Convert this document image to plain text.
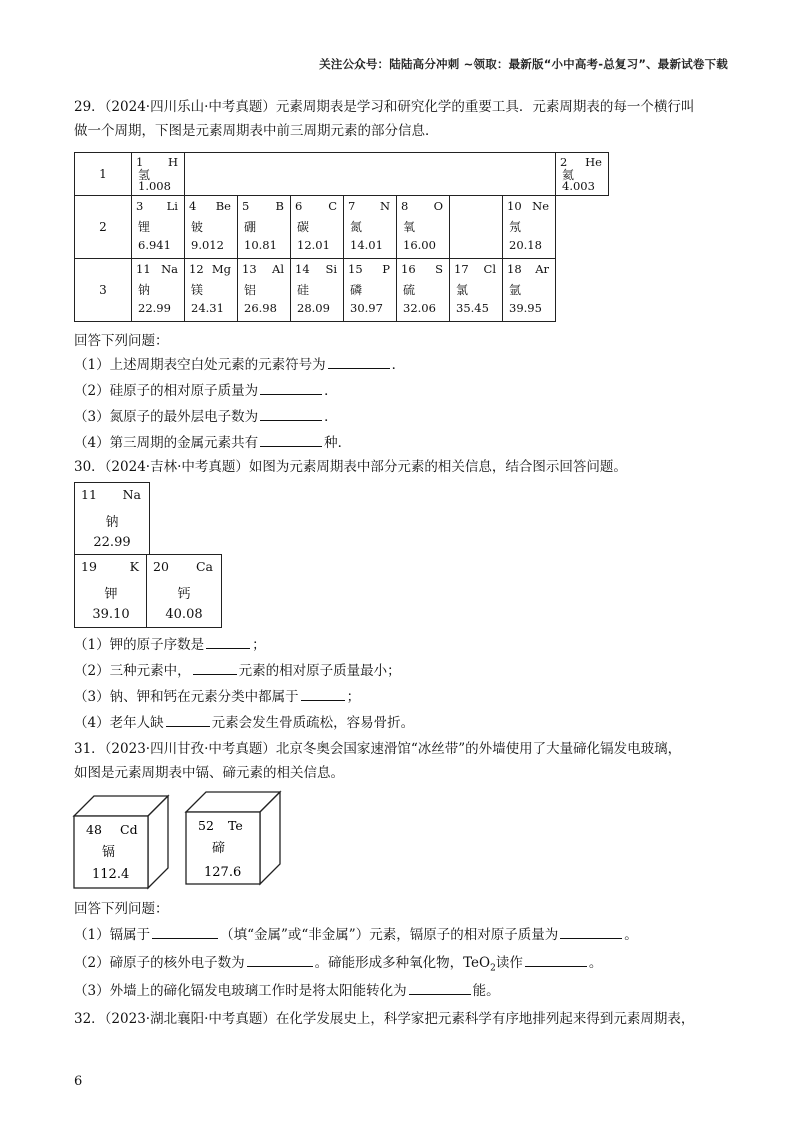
关注公众号：陆陆高分冲刺 ~领取：最新版“小中高考-总复习”、最新试卷下载
29．（2024·四川乐山·中考真题）元素周期表是学习和研究化学的重要工具．元素周期表的每一个横行叫
做一个周期，下图是元素周期表中前三周期元素的部分信息．
1	1 H
氢
1.008								2 He
氦
4.003

2	3 Li
锂
6.941	4 Be
铍
9.012	5 B
硼
10.81	6 C
碳
12.01	7 N
氮
14.01	8 O
氧
16.00		10 Ne
氖
20.18	

3	11 Na
钠
22.99	12 Mg
镁
24.31	13 Al
铝
26.98	14 Si
硅
28.09	15 P
磷
30.97	16 S
硫
32.06	17 Cl
氯
35.45	18 Ar
氩
39.95	
回答下列问题：
（1）上述周期表空白处元素的元素符号为	．
（2）硅原子的相对原子质量为	．
（3）氮原子的最外层电子数为	．
（4）第三周期的金属元素共有	种．
30．（2024·吉林·中考真题）如图为元素周期表中部分元素的相关信息，结合图示回答问题。
11 Na
钠
22.99
19	K
钾
39.10
20 Ca
钙
40.08
（1）钾的原子序数是	；
（2）三种元素中，	元素的相对原子质量最小；
（3）钠、钾和钙在元素分类中都属于	；
（4）老年人缺	元素会发生骨质疏松，容易骨折。
31．（2023·四川甘孜·中考真题）北京冬奥会国家速滑馆“冰丝带”的外墙使用了大量碲化镉发电玻璃，
如图是元素周期表中镉、碲元素的相关信息。
48 Cd
镉
112.4
52 Te
碲
127.6
回答下列问题：
（1）镉属于	（填“金属”或“非金属”）元素，镉原子的相对原子质量为	。
（2）碲原子的核外电子数为	。碲能形成多种氧化物，TeO$_2$读作	。
（3）外墙上的碲化镉发电玻璃工作时是将太阳能转化为	能。
32．（2023·湖北襄阳·中考真题）在化学发展史上，科学家把元素科学有序地排列起来得到元素周期表，
6
